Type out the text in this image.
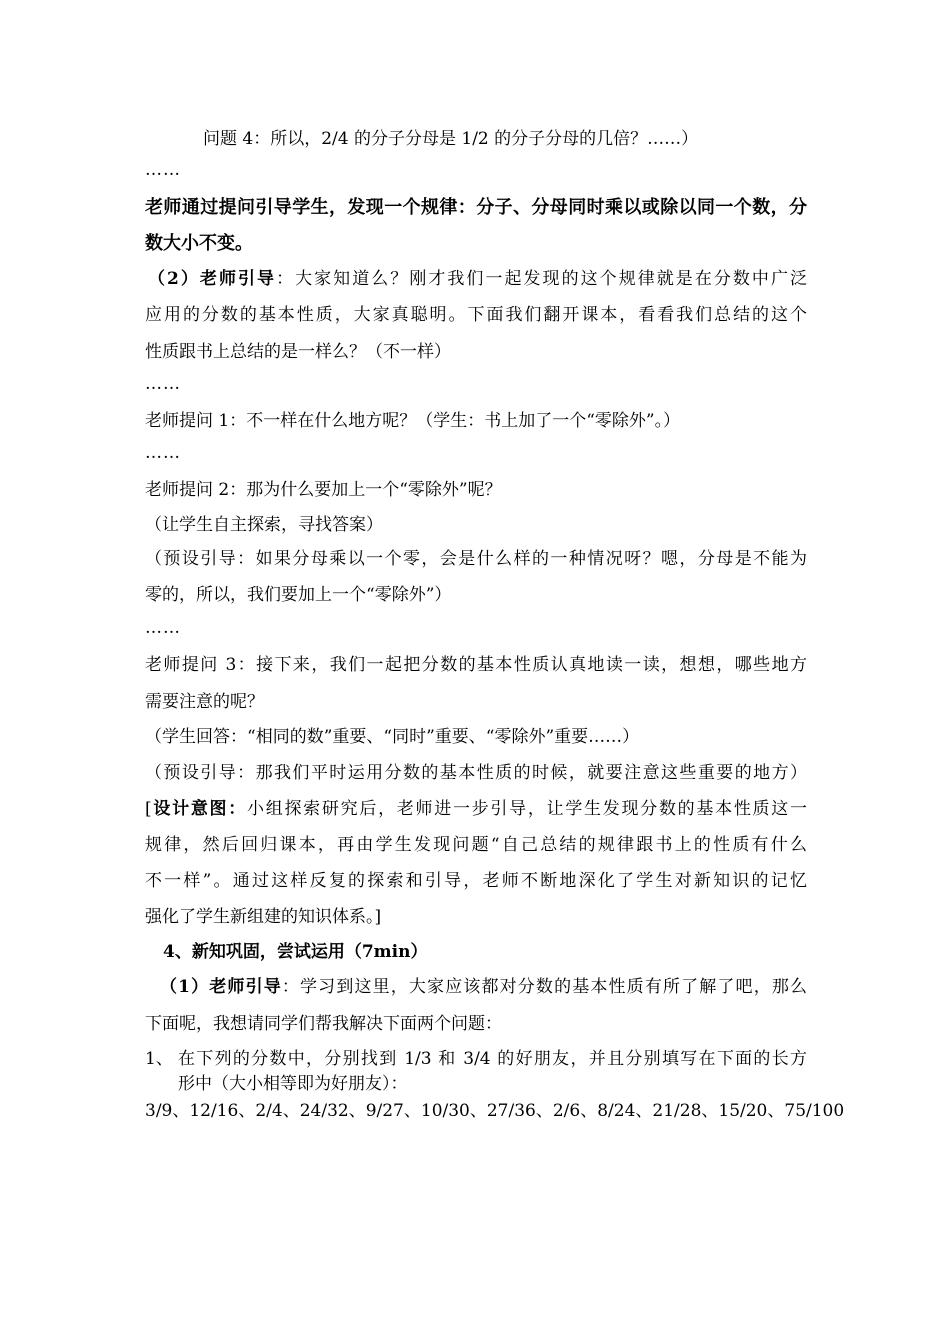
问题 4：所以，2/4 的分子分母是 1/2 的分子分母的几倍？……）
……
老师通过提问引导学生，发现一个规律：分子、分母同时乘以或除以同一个数，分
数大小不变。
（2）老师引导：大家知道么？刚才我们一起发现的这个规律就是在分数中广泛
应用的分数的基本性质，大家真聪明。下面我们翻开课本，看看我们总结的这个
性质跟书上总结的是一样么？（不一样）
……
老师提问 1：不一样在什么地方呢？（学生：书上加了一个“零除外”。）
……
老师提问 2：那为什么要加上一个“零除外”呢？
（让学生自主探索，寻找答案）
（预设引导：如果分母乘以一个零，会是什么样的一种情况呀？嗯，分母是不能为
零的，所以，我们要加上一个“零除外”）
……
老师提问 3：接下来，我们一起把分数的基本性质认真地读一读，想想，哪些地方
需要注意的呢？
（学生回答：“相同的数”重要、“同时”重要、“零除外”重要……）
（预设引导：那我们平时运用分数的基本性质的时候，就要注意这些重要的地方）
[设计意图：小组探索研究后，老师进一步引导，让学生发现分数的基本性质这一
规律，然后回归课本，再由学生发现问题“自己总结的规律跟书上的性质有什么
不一样”。通过这样反复的探索和引导，老师不断地深化了学生对新知识的记忆
强化了学生新组建的知识体系。]
4、新知巩固，尝试运用（7min）
（1）老师引导：学习到这里，大家应该都对分数的基本性质有所了解了吧，那么
下面呢，我想请同学们帮我解决下面两个问题：
1、 在下列的分数中，分别找到 1/3 和 3/4 的好朋友，并且分别填写在下面的长方
形中（大小相等即为好朋友）：
3/9、12/16、2/4、24/32、9/27、10/30、27/36、2/6、8/24、21/28、15/20、75/100
